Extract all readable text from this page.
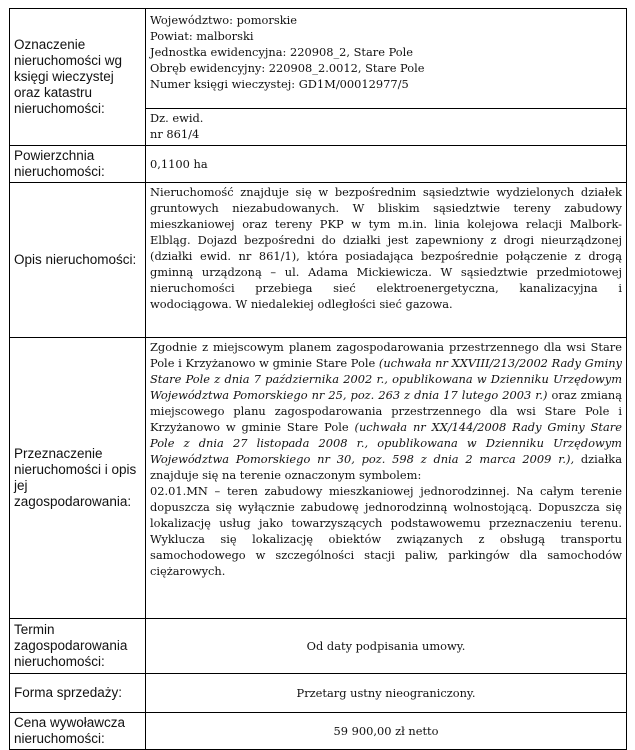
Oznaczenie nieruchomości wg księgi wieczystej oraz katastru nieruchomości:	Województwo: pomorskie
Powiat: malborski
Jednostka ewidencyjna: 220908_2, Stare Pole
Obręb ewidencyjny: 220908_2.0012, Stare Pole
Numer księgi wieczystej: GD1M/00012977/5

	Dz. ewid.
nr 861/4

Powierzchnia nieruchomości:	0,1100 ha
Opis nieruchomości:	Nieruchomość znajduje się w bezpośrednim sąsiedztwie wydzielonych działek gruntowych niezabudowanych. W bliskim sąsiedztwie tereny zabudowy mieszkaniowej oraz tereny PKP w tym m.in. linia kolejowa relacji Malbork- Elbląg. Dojazd bezpośredni do działki jest zapewniony z drogi nieurządzonej (działki ewid. nr 861/1), która posiadająca bezpośrednie połączenie z drogą gminną urządzoną – ul. Adama Mickiewicza. W sąsiedztwie przedmiotowej nieruchomości przebiega sieć elektroenergetyczna, kanalizacyjna i wodociągowa. W niedalekiej odległości sieć gazowa.
Przeznaczenie nieruchomości i opis jej zagospodarowania:	Zgodnie z miejscowym planem zagospodarowania przestrzennego dla wsi Stare Pole i Krzyżanowo w gminie Stare Pole (uchwała nr XXVIII/213/2002 Rady Gminy Stare Pole z dnia 7 października 2002 r., opublikowana w Dzienniku Urzędowym Województwa Pomorskiego nr 25, poz. 263 z dnia 17 lutego 2003 r.) oraz zmianą miejscowego planu zagospodarowania przestrzennego dla wsi Stare Pole i Krzyżanowo w gminie Stare Pole (uchwała nr XX/144/2008 Rady Gminy Stare Pole z dnia 27 listopada 2008 r., opublikowana w Dzienniku Urzędowym Województwa Pomorskiego nr 30, poz. 598 z dnia 2 marca 2009 r.), działka znajduje się na terenie oznaczonym symbolem:
02.01.MN – teren zabudowy mieszkaniowej jednorodzinnej. Na całym terenie dopuszcza się wyłącznie zabudowę jednorodzinną wolnostojącą. Dopuszcza się lokalizację usług jako towarzyszących podstawowemu przeznaczeniu terenu. Wyklucza się lokalizację obiektów związanych z obsługą transportu samochodowego w szczególności stacji paliw, parkingów dla samochodów ciężarowych.
Termin zagospodarowania nieruchomości:	Od daty podpisania umowy.
Forma sprzedaży:	Przetarg ustny nieograniczony.
Cena wywoławcza nieruchomości:	59 900,00 zł netto
